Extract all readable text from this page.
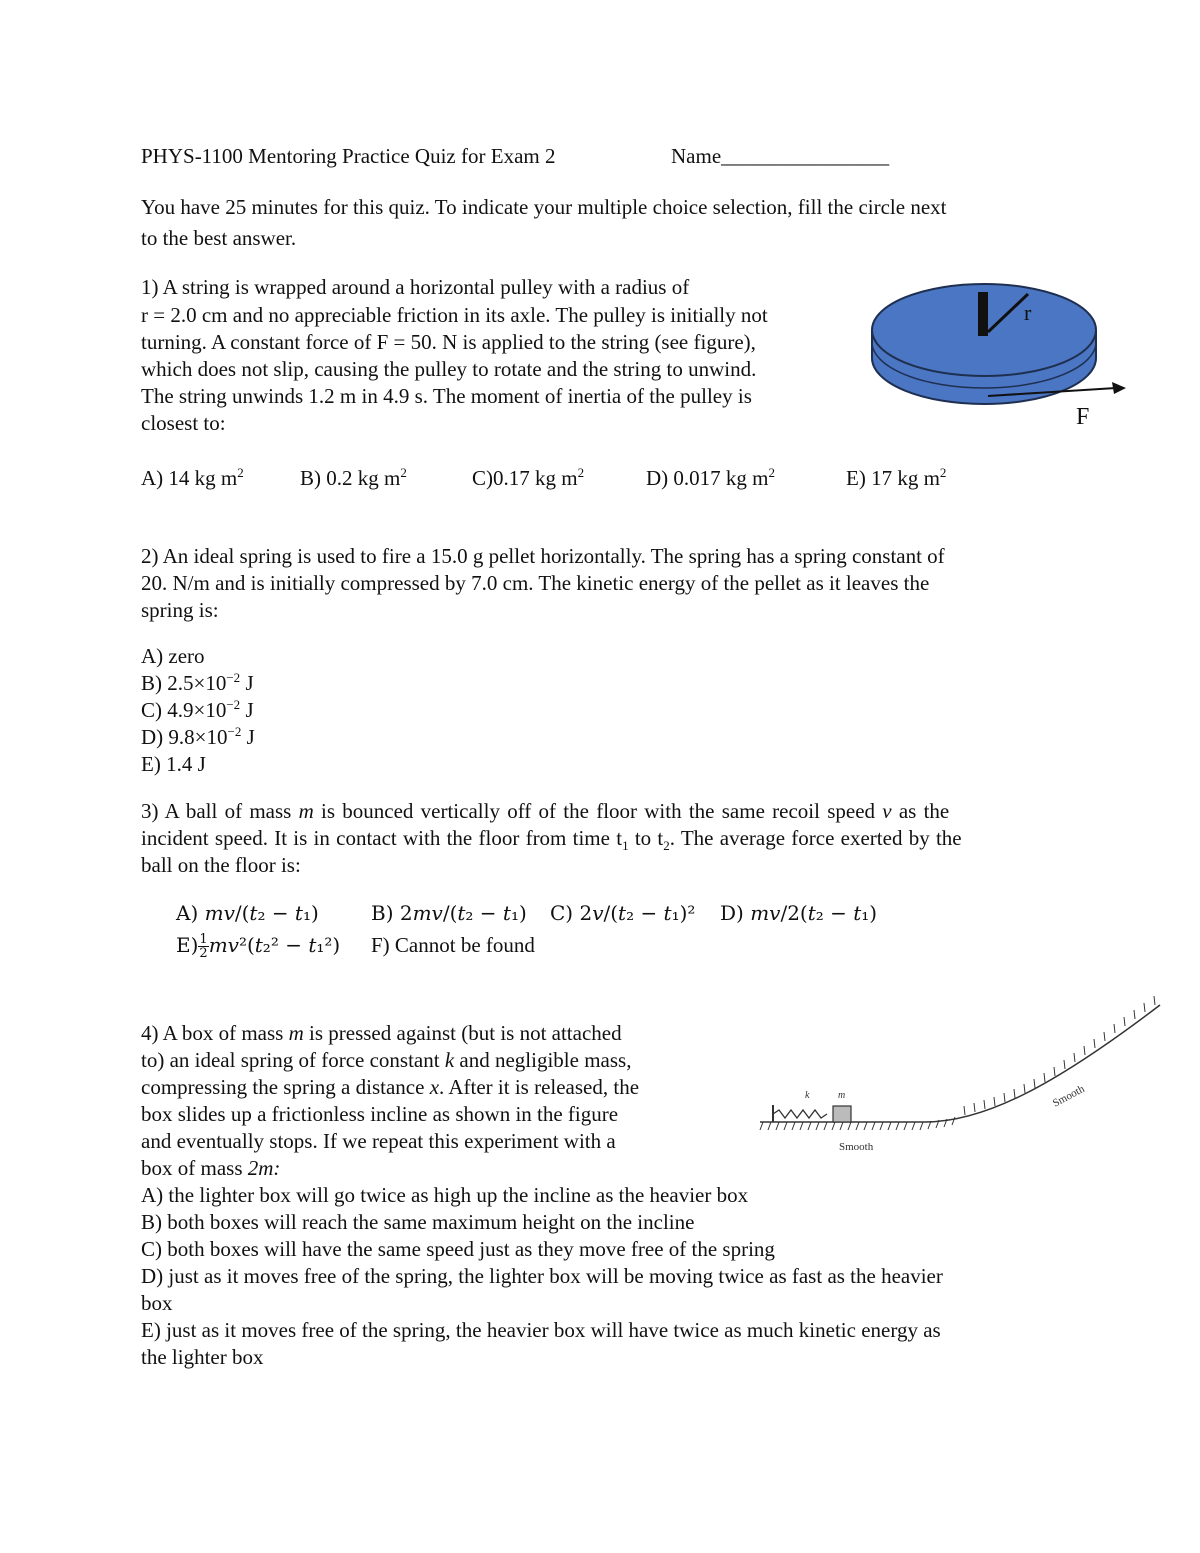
PHYS-1100 Mentoring Practice Quiz for Exam 2	Name________________
You have 25 minutes for this quiz. To indicate your multiple choice selection, fill the circle next
to the best answer.
1) A string is wrapped around a horizontal pulley with a radius of
r = 2.0 cm and no appreciable friction in its axle. The pulley is initially not
turning. A constant force of F = 50. N is applied to the string (see figure),
which does not slip, causing the pulley to rotate and the string to unwind.
The string unwinds 1.2 m in 4.9 s. The moment of inertia of the pulley is
closest to:
A) 14 kg $m^2$	B) 0.2 kg $m^2$	C)0.17 kg $m^2$	D) 0.017 kg $m^2$	E) 17 kg $m^2$
r
F
2) An ideal spring is used to fire a 15.0 g pellet horizontally. The spring has a spring constant of
20. N/m and is initially compressed by 7.0 cm. The kinetic energy of the pellet as it leaves the
spring is:
A) zero
B) $2.5\times 10^{-2}$ J
C) $4.9\times 10^{-2}$ J
D) $9.8\times 10^{-2}$ J
E) 1.4 J
3) A ball of mass m is bounced vertically off of the floor with the same recoil speed v as the
incident speed. It is in contact with the floor from time $t_1$ to $t_2$. The average force exerted by the
ball on the floor is:
A) 𝑚𝑣/(𝑡₂ − 𝑡₁)	B) 2𝑚𝑣/(𝑡₂ − 𝑡₁) C) 2𝑣/(𝑡₂ − 𝑡₁)² D) 𝑚𝑣/2(𝑡₂ − 𝑡₁)
$E) \frac{1}{2}$ 𝑚𝑣²(𝑡₂² − 𝑡₁²) F) Cannot be found
4) A box of mass m is pressed against (but is not attached
to) an ideal spring of force constant k and negligible mass,
compressing the spring a distance x. After it is released, the
box slides up a frictionless incline as shown in the figure
and eventually stops. If we repeat this experiment with a
box of mass 2m:
A) the lighter box will go twice as high up the incline as the heavier box
B) both boxes will reach the same maximum height on the incline
C) both boxes will have the same speed just as they move free of the spring
D) just as it moves free of the spring, the lighter box will be moving twice as fast as the heavier
box
E) just as it moves free of the spring, the heavier box will have twice as much kinetic energy as
the lighter box
k	m
Smooth
Smooth
